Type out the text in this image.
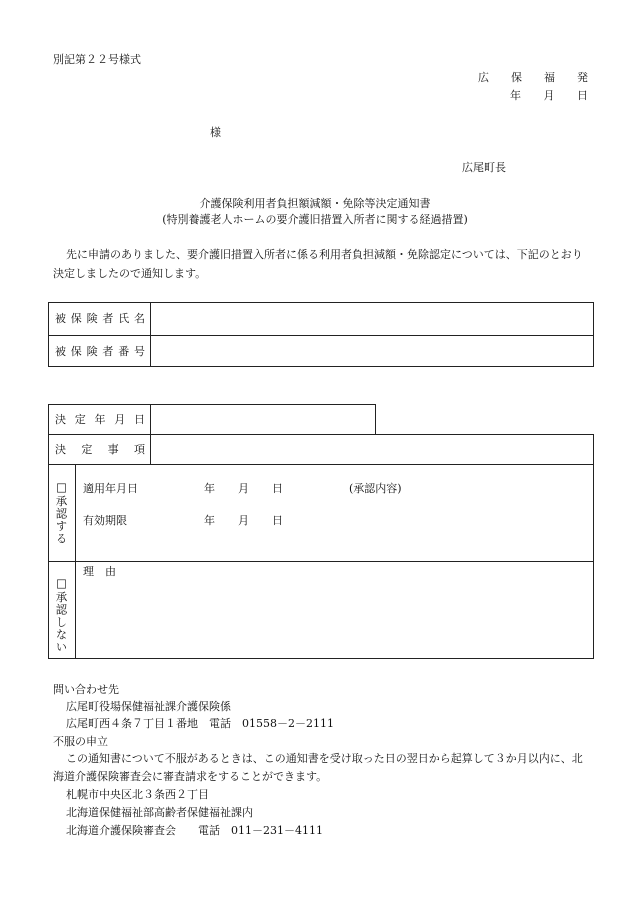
別記第２２号様式
広 保 福 発
年 月 日
様
広尾町長
介護保険利用者負担額減額・免除等決定通知書
(特別養護老人ホームの要介護旧措置入所者に関する経過措置)
先に申請のありました、要介護旧措置入所者に係る利用者負担減額・免除認定については、下記のとおり
決定しましたので通知します。
被 保 険 者 氏 名
被 保 険 者 番 号
決 定 年 月 日
決 定 事 項
□承認する 適用年月日	年 月 日	(承認内容)
有効期限	年 月 日
□承認しない
理　由
問い合わせ先
広尾町役場保健福祉課介護保険係
広尾町西４条７丁目１番地　電話　01558－2－2111
不服の申立
この通知書について不服があるときは、この通知書を受け取った日の翌日から起算して３か月以内に、北
海道介護保険審査会に審査請求をすることができます。
札幌市中央区北３条西２丁目
北海道保健福祉部高齢者保健福祉課内
北海道介護保険審査会　　電話　011－231－4111
